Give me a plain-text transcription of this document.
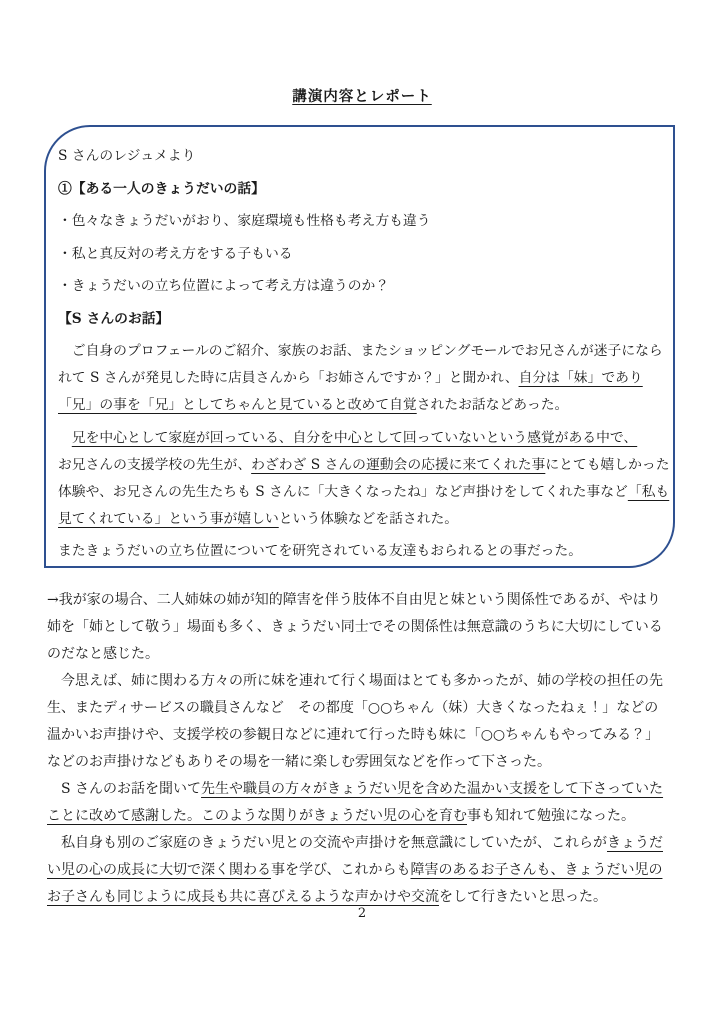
講演内容とレポート
S さんのレジュメより
①【ある一人のきょうだいの話】
・色々なきょうだいがおり、家庭環境も性格も考え方も違う
・私と真反対の考え方をする子もいる
・きょうだいの立ち位置によって考え方は違うのか？
【S さんのお話】
　ご自身のプロフェールのご紹介、家族のお話、またショッピングモールでお兄さんが迷子になら
れて S さんが発見した時に店員さんから「お姉さんですか？」と聞かれ、自分は「妹」であり
「兄」の事を「兄」としてちゃんと見ていると改めて自覚されたお話などあった。
　兄を中心として家庭が回っている、自分を中心として回っていないという感覚がある中で、
お兄さんの支援学校の先生が、わざわざ S さんの運動会の応援に来てくれた事にとても嬉しかった
体験や、お兄さんの先生たちも S さんに「大きくなったね」など声掛けをしてくれた事など「私も
見てくれている」という事が嬉しいという体験などを話された。
またきょうだいの立ち位置についてを研究されている友達もおられるとの事だった。
→我が家の場合、二人姉妹の姉が知的障害を伴う肢体不自由児と妹という関係性であるが、やはり
姉を「姉として敬う」場面も多く、きょうだい同士でその関係性は無意識のうちに大切にしている
のだなと感じた。
　今思えば、姉に関わる方々の所に妹を連れて行く場面はとても多かったが、姉の学校の担任の先
生、またディサービスの職員さんなど　その都度「○○ちゃん（妹）大きくなったねぇ！」などの
温かいお声掛けや、支援学校の参観日などに連れて行った時も妹に「○○ちゃんもやってみる？」
などのお声掛けなどもありその場を一緒に楽しむ雰囲気などを作って下さった。
　S さんのお話を聞いて先生や職員の方々がきょうだい児を含めた温かい支援をして下さっていた
ことに改めて感謝した。このような関りがきょうだい児の心を育む事も知れて勉強になった。
　私自身も別のご家庭のきょうだい児との交流や声掛けを無意識にしていたが、これらがきょうだ
い児の心の成長に大切で深く関わる事を学び、これからも障害のあるお子さんも、きょうだい児の
お子さんも同じように成長も共に喜びえるような声かけや交流をして行きたいと思った。
2
